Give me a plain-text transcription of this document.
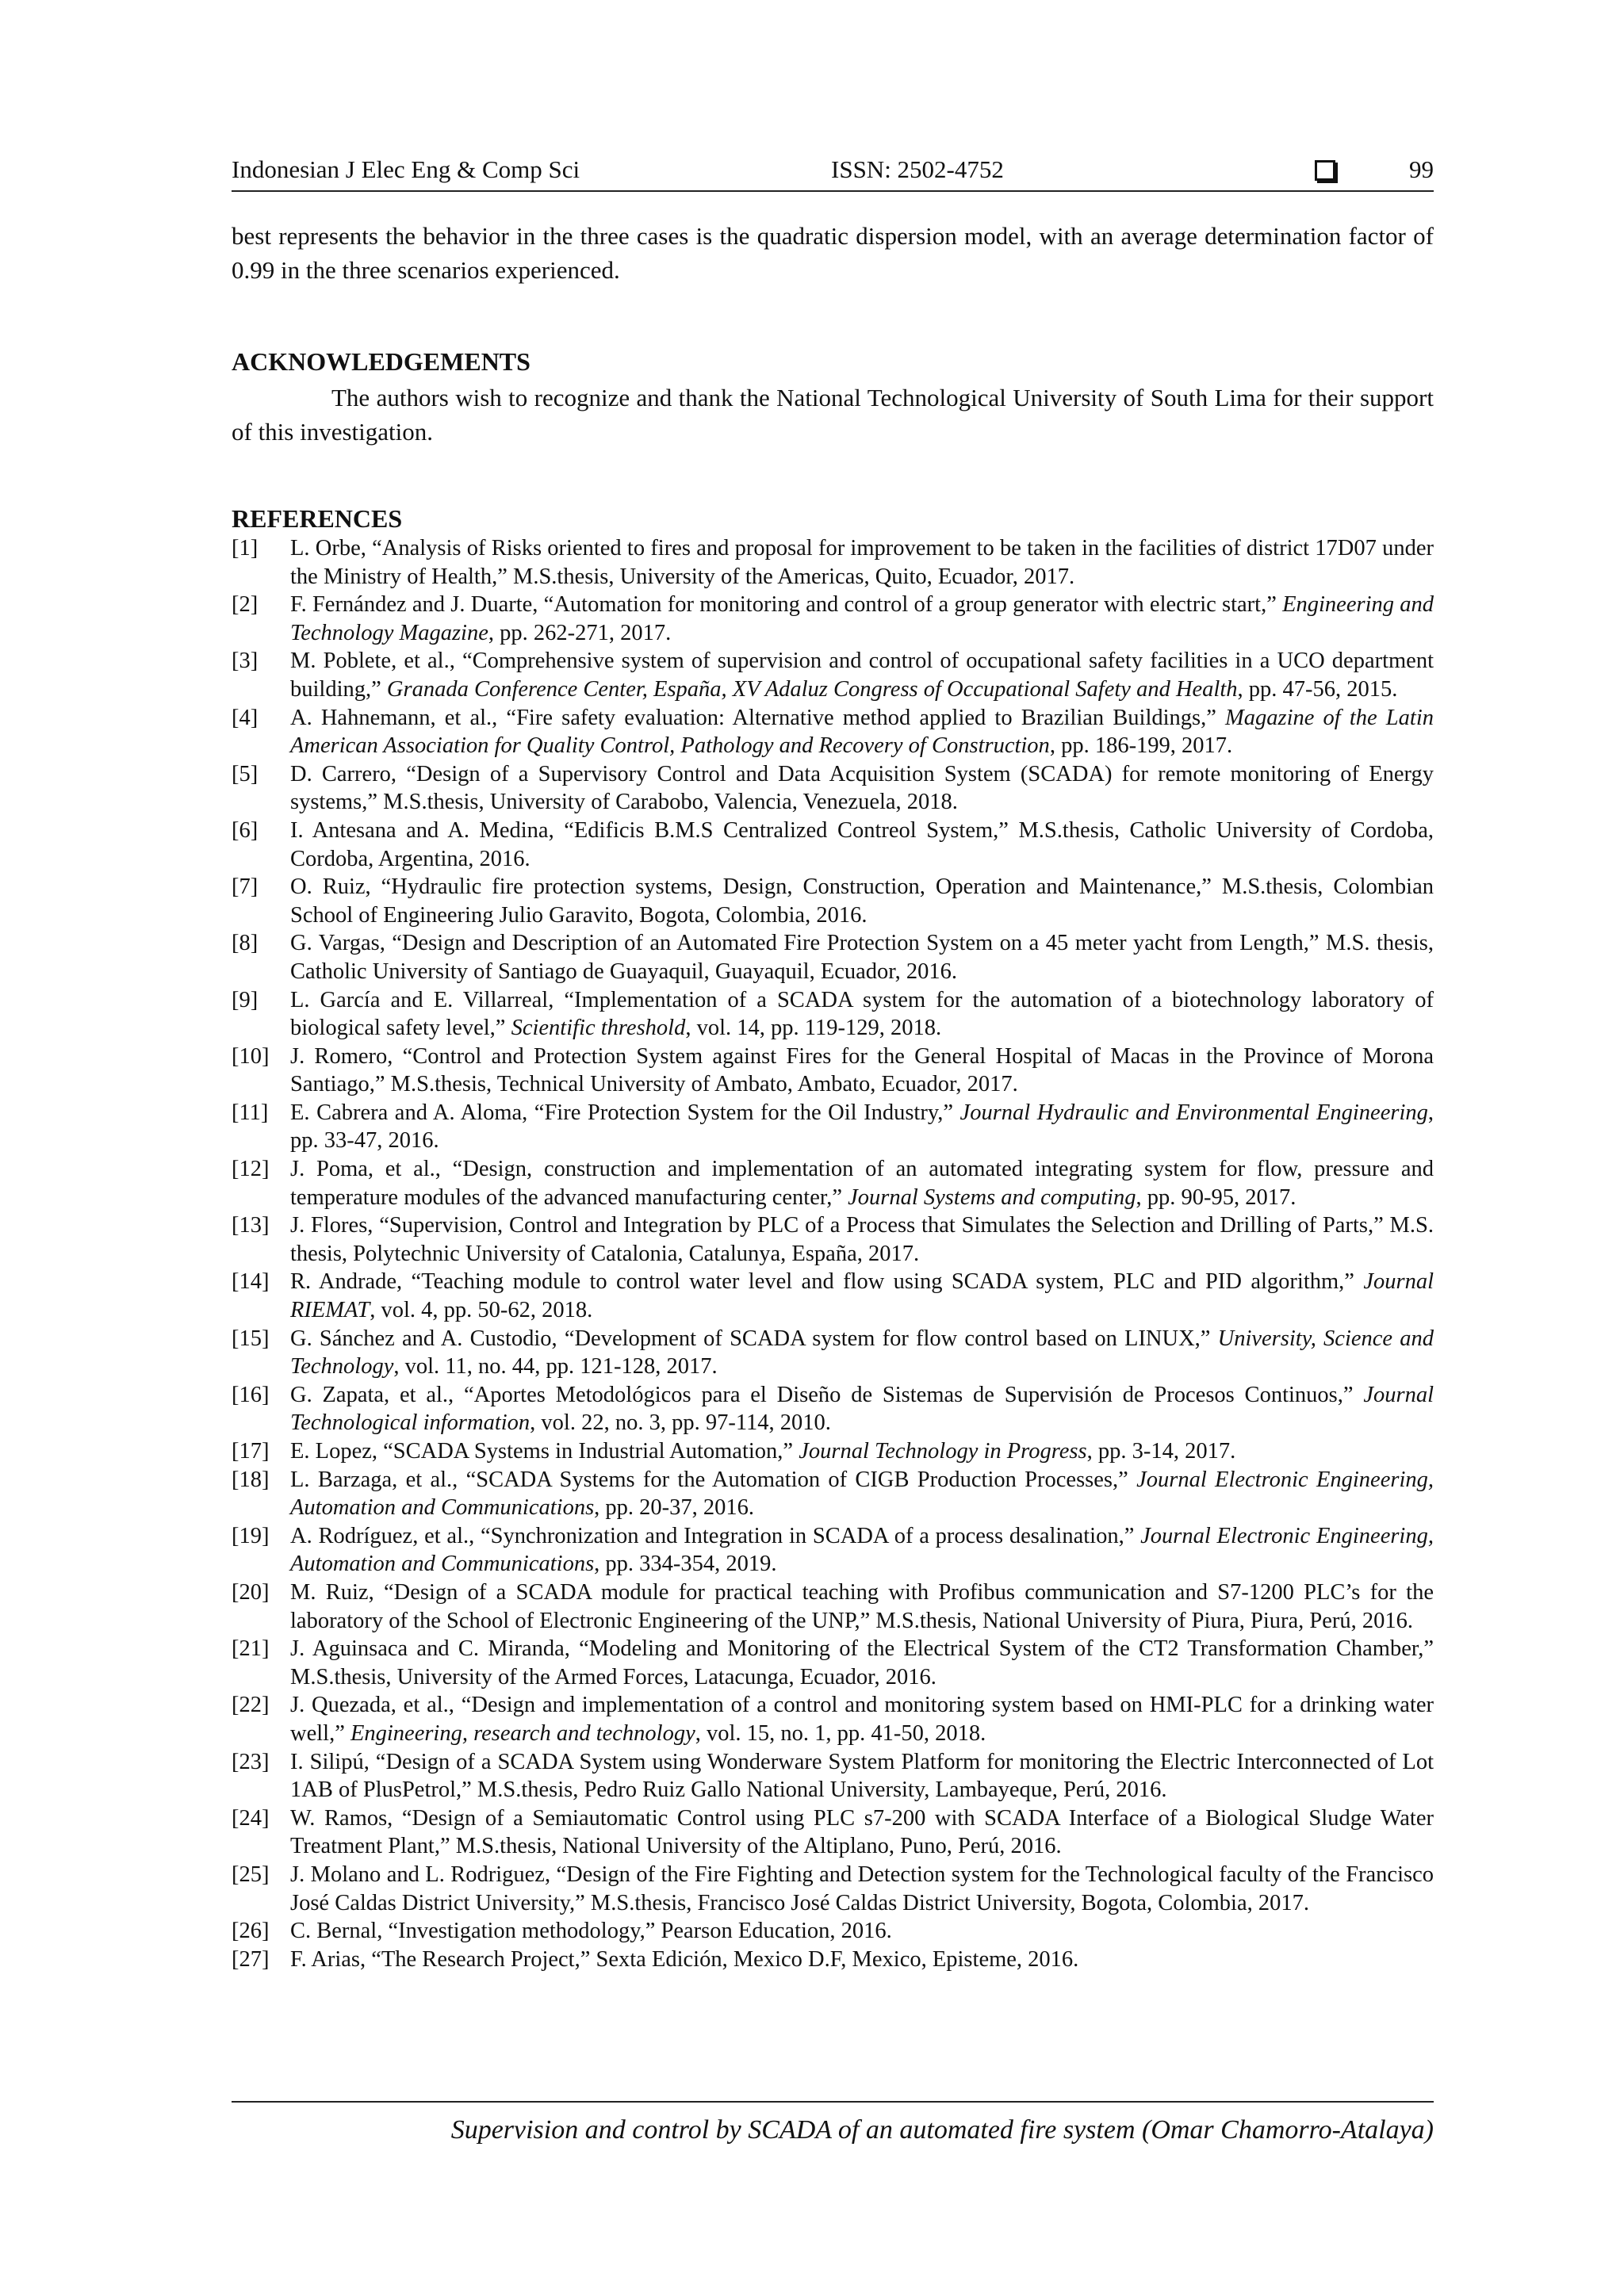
Indonesian J Elec Eng & Comp Sci	ISSN: 2502-4752	99

best represents the behavior in the three cases is the quadratic dispersion model, with an average determination factor of 0.99 in the three scenarios experienced.

ACKNOWLEDGEMENTS

The authors wish to recognize and thank the National Technological University of South Lima for their support of this investigation.

REFERENCES
[1] L. Orbe, “Analysis of Risks oriented to fires and proposal for improvement to be taken in the facilities of district 17D07 under the Ministry of Health,” M.S.thesis, University of the Americas, Quito, Ecuador, 2017.
[2] F. Fernández and J. Duarte, “Automation for monitoring and control of a group generator with electric start,” Engineering and Technology Magazine, pp. 262-271, 2017.
[3] M. Poblete, et al., “Comprehensive system of supervision and control of occupational safety facilities in a UCO department building,” Granada Conference Center, España, XV Adaluz Congress of Occupational Safety and Health, pp. 47-56, 2015.
[4] A. Hahnemann, et al., “Fire safety evaluation: Alternative method applied to Brazilian Buildings,” Magazine of the Latin American Association for Quality Control, Pathology and Recovery of Construction, pp. 186-199, 2017.
[5] D. Carrero, “Design of a Supervisory Control and Data Acquisition System (SCADA) for remote monitoring of Energy systems,” M.S.thesis, University of Carabobo, Valencia, Venezuela, 2018.
[6] I. Antesana and A. Medina, “Edificis B.M.S Centralized Contreol System,” M.S.thesis, Catholic University of Cordoba, Cordoba, Argentina, 2016.
[7] O. Ruiz, “Hydraulic fire protection systems, Design, Construction, Operation and Maintenance,” M.S.thesis, Colombian School of Engineering Julio Garavito, Bogota, Colombia, 2016.
[8] G. Vargas, “Design and Description of an Automated Fire Protection System on a 45 meter yacht from Length,” M.S. thesis, Catholic University of Santiago de Guayaquil, Guayaquil, Ecuador, 2016.
[9] L. García and E. Villarreal, “Implementation of a SCADA system for the automation of a biotechnology laboratory of biological safety level,” Scientific threshold, vol. 14, pp. 119-129, 2018.
[10] J. Romero, “Control and Protection System against Fires for the General Hospital of Macas in the Province of Morona Santiago,” M.S.thesis, Technical University of Ambato, Ambato, Ecuador, 2017.
[11] E. Cabrera and A. Aloma, “Fire Protection System for the Oil Industry,” Journal Hydraulic and Environmental Engineering, pp. 33-47, 2016.
[12] J. Poma, et al., “Design, construction and implementation of an automated integrating system for flow, pressure and temperature modules of the advanced manufacturing center,” Journal Systems and computing, pp. 90-95, 2017.
[13] J. Flores, “Supervision, Control and Integration by PLC of a Process that Simulates the Selection and Drilling of Parts,” M.S. thesis, Polytechnic University of Catalonia, Catalunya, España, 2017.
[14] R. Andrade, “Teaching module to control water level and flow using SCADA system, PLC and PID algorithm,” Journal RIEMAT, vol. 4, pp. 50-62, 2018.
[15] G. Sánchez and A. Custodio, “Development of SCADA system for flow control based on LINUX,” University, Science and Technology, vol. 11, no. 44, pp. 121-128, 2017.
[16] G. Zapata, et al., “Aportes Metodológicos para el Diseño de Sistemas de Supervisión de Procesos Continuos,” Journal Technological information, vol. 22, no. 3, pp. 97-114, 2010.
[17] E. Lopez, “SCADA Systems in Industrial Automation,” Journal Technology in Progress, pp. 3-14, 2017.
[18] L. Barzaga, et al., “SCADA Systems for the Automation of CIGB Production Processes,” Journal Electronic Engineering, Automation and Communications, pp. 20-37, 2016.
[19] A. Rodríguez, et al., “Synchronization and Integration in SCADA of a process desalination,” Journal Electronic Engineering, Automation and Communications, pp. 334-354, 2019.
[20] M. Ruiz, “Design of a SCADA module for practical teaching with Profibus communication and S7-1200 PLC’s for the laboratory of the School of Electronic Engineering of the UNP,” M.S.thesis, National University of Piura, Piura, Perú, 2016.
[21] J. Aguinsaca and C. Miranda, “Modeling and Monitoring of the Electrical System of the CT2 Transformation Chamber,” M.S.thesis, University of the Armed Forces, Latacunga, Ecuador, 2016.
[22] J. Quezada, et al., “Design and implementation of a control and monitoring system based on HMI-PLC for a drinking water well,” Engineering, research and technology, vol. 15, no. 1, pp. 41-50, 2018.
[23] I. Silipú, “Design of a SCADA System using Wonderware System Platform for monitoring the Electric Interconnected of Lot 1AB of PlusPetrol,” M.S.thesis, Pedro Ruiz Gallo National University, Lambayeque, Perú, 2016.
[24] W. Ramos, “Design of a Semiautomatic Control using PLC s7-200 with SCADA Interface of a Biological Sludge Water Treatment Plant,” M.S.thesis, National University of the Altiplano, Puno, Perú, 2016.
[25] J. Molano and L. Rodriguez, “Design of the Fire Fighting and Detection system for the Technological faculty of the Francisco José Caldas District University,” M.S.thesis, Francisco José Caldas District University, Bogota, Colombia, 2017.
[26] C. Bernal, “Investigation methodology,” Pearson Education, 2016.
[27] F. Arias, “The Research Project,” Sexta Edición, Mexico D.F, Mexico, Episteme, 2016.
Supervision and control by SCADA of an automated fire system (Omar Chamorro-Atalaya)
